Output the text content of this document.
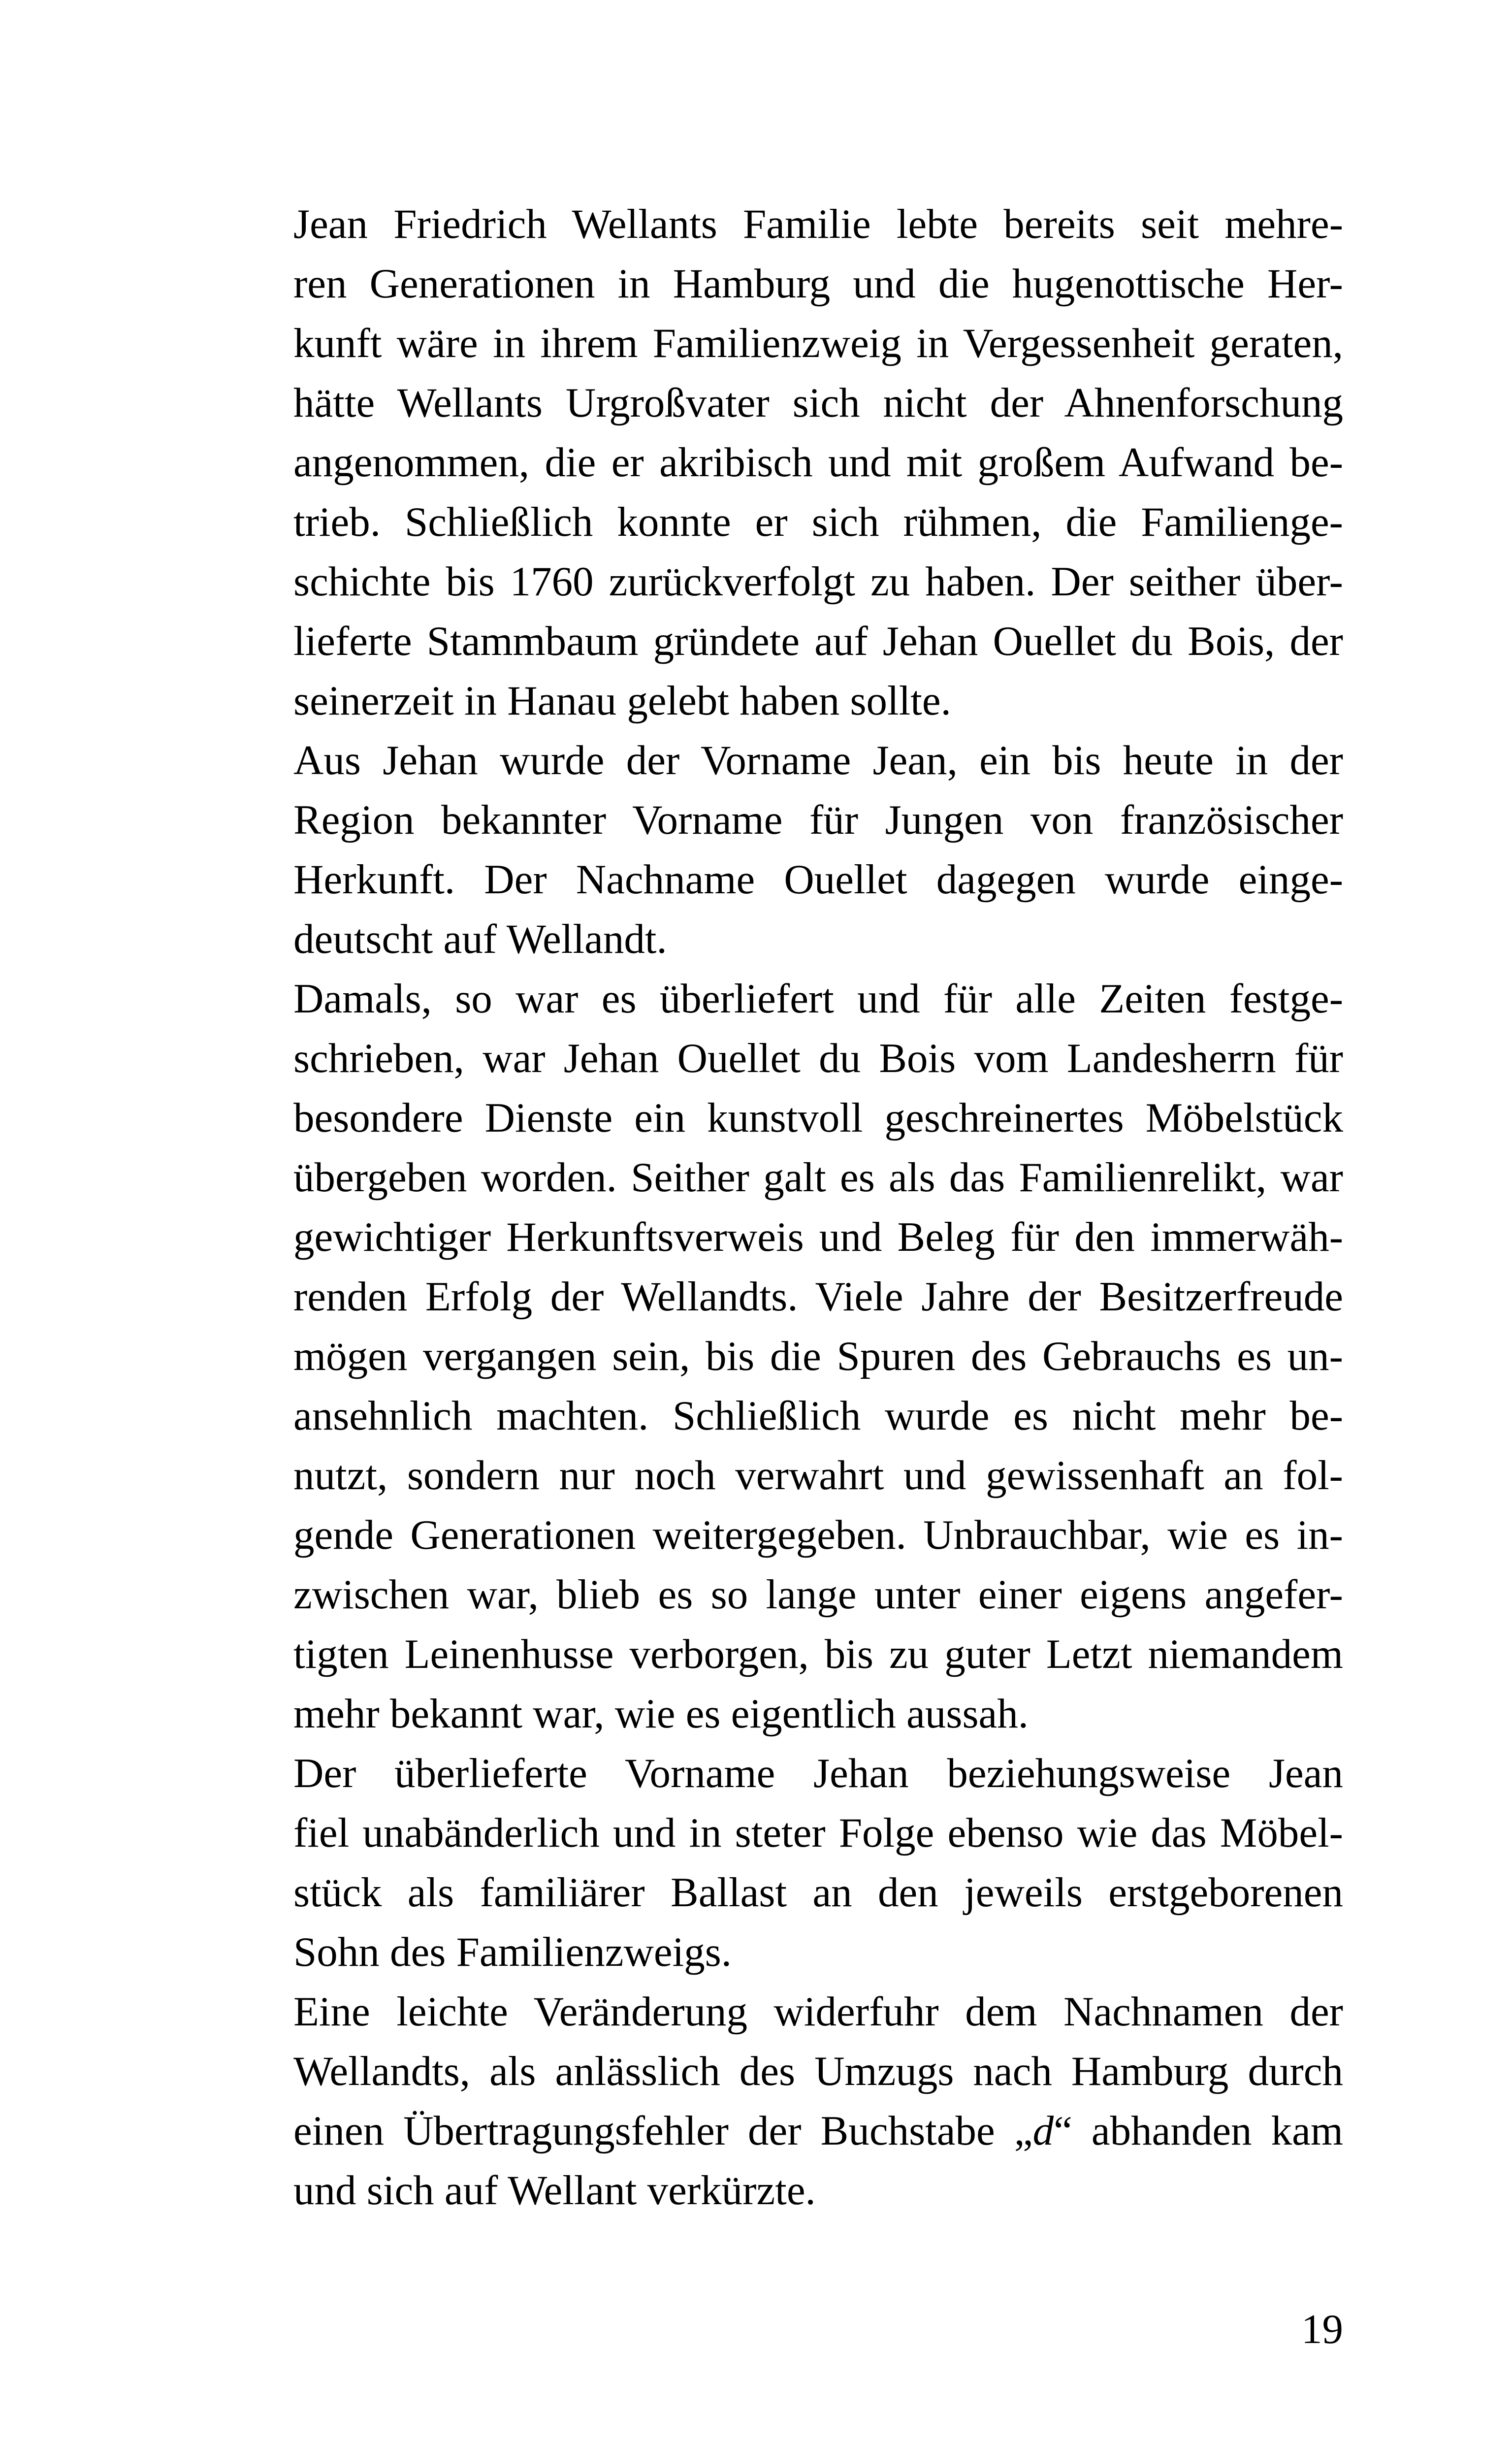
Jean Friedrich Wellants Familie lebte bereits seit mehre-
ren Generationen in Hamburg und die hugenottische Her-
kunft wäre in ihrem Familienzweig in Vergessenheit geraten,
hätte Wellants Urgroßvater sich nicht der Ahnenforschung
angenommen, die er akribisch und mit großem Aufwand be-
trieb. Schließlich konnte er sich rühmen, die Familienge-
schichte bis 1760 zurückverfolgt zu haben. Der seither über-
lieferte Stammbaum gründete auf Jehan Ouellet du Bois, der
seinerzeit in Hanau gelebt haben sollte.

Aus Jehan wurde der Vorname Jean, ein bis heute in der
Region bekannter Vorname für Jungen von französischer
Herkunft. Der Nachname Ouellet dagegen wurde einge-
deutscht auf Wellandt.

Damals, so war es überliefert und für alle Zeiten festge-
schrieben, war Jehan Ouellet du Bois vom Landesherrn für
besondere Dienste ein kunstvoll geschreinertes Möbelstück
übergeben worden. Seither galt es als das Familienrelikt, war
gewichtiger Herkunftsverweis und Beleg für den immerwäh-
renden Erfolg der Wellandts. Viele Jahre der Besitzerfreude
mögen vergangen sein, bis die Spuren des Gebrauchs es un-
ansehnlich machten. Schließlich wurde es nicht mehr be-
nutzt, sondern nur noch verwahrt und gewissenhaft an fol-
gende Generationen weitergegeben. Unbrauchbar, wie es in-
zwischen war, blieb es so lange unter einer eigens angefer-
tigten Leinenhusse verborgen, bis zu guter Letzt niemandem
mehr bekannt war, wie es eigentlich aussah.

Der überlieferte Vorname Jehan beziehungsweise Jean
fiel unabänderlich und in steter Folge ebenso wie das Möbel-
stück als familiärer Ballast an den jeweils erstgeborenen
Sohn des Familienzweigs.

Eine leichte Veränderung widerfuhr dem Nachnamen der
Wellandts, als anlässlich des Umzugs nach Hamburg durch
einen Übertragungsfehler der Buchstabe „d“ abhanden kam
und sich auf Wellant verkürzte.

19
